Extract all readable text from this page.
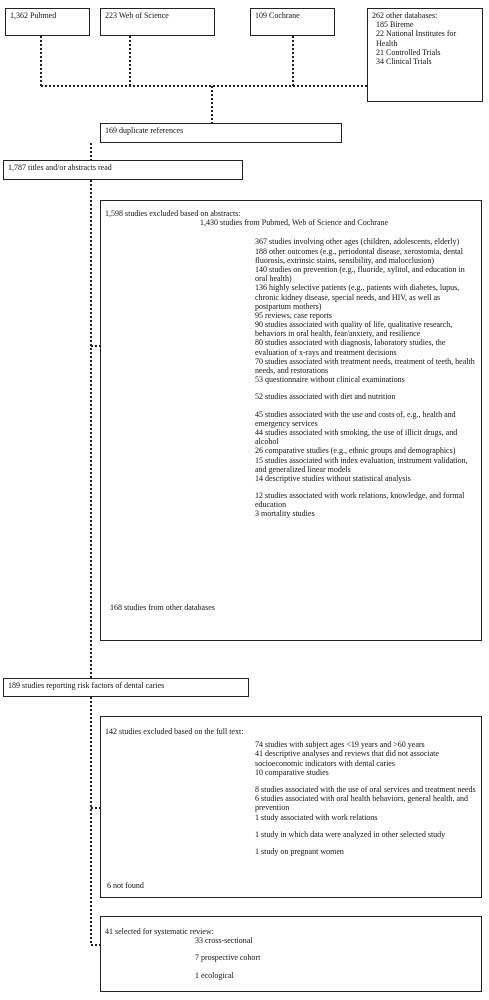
1,362 Pubmed	223 Web of Science	109 Cochrane	262 other databases:
185 Bireme
22 National Institutes for Health
21 Controlled Trials
34 Clinical Trials
169 duplicate references
1,787 titles and/or abstracts read
1,598 studies excluded based on abstracts:
1,430 studies from Pubmed, Web of Science and Cochrane
367 studies involving other ages (children, adolescents, elderly)
188 other outcomes (e.g., periodontal disease, xerostomia, dental fluorosis, extrinsic stains, sensibility, and malocclusion)
140 studies on prevention (e.g., fluoride, xylitol, and education in oral health)
136 highly selective patients (e.g., patients with diabetes, lupus, chronic kidney disease, special needs, and HIV, as well as postpartum mothers)
95 reviews, case reports
90 studies associated with quality of life, qualitative research, behaviors in oral health, fear/anxiety, and resilience
80 studies associated with diagnosis, laboratory studies, the evaluation of x-rays and treatment decisions
70 studies associated with treatment needs, treatment of teeth, health needs, and restorations
53 questionnaire without clinical examinations
52 studies associated with diet and nutrition
45 studies associated with the use and costs of, e.g., health and emergency services
44 studies associated with smoking, the use of illicit drugs, and alcohol
26 comparative studies (e.g., ethnic groups and demographics)
15 studies associated with index evaluation, instrument validation, and generalized linear models
14 descriptive studies without statistical analysis
12 studies associated with work relations, knowledge, and formal education
3 mortality studies
168 studies from other databases
189 studies reporting risk factors of dental caries
142 studies excluded based on the full text:
74 studies with subject ages <19 years and >60 years
41 descriptive analyses and reviews that did not associate socioeconomic indicators with dental caries
10 comparative studies
8 studies associated with the use of oral services and treatment needs
6 studies associated with oral health behaviors, general health, and prevention
1 study associated with work relations
1 study in which data were analyzed in other selected study
1 study on pregnant women
6 not found
41 selected for systematic review:
33 cross-sectional
7 prospective cohort
1 ecological
